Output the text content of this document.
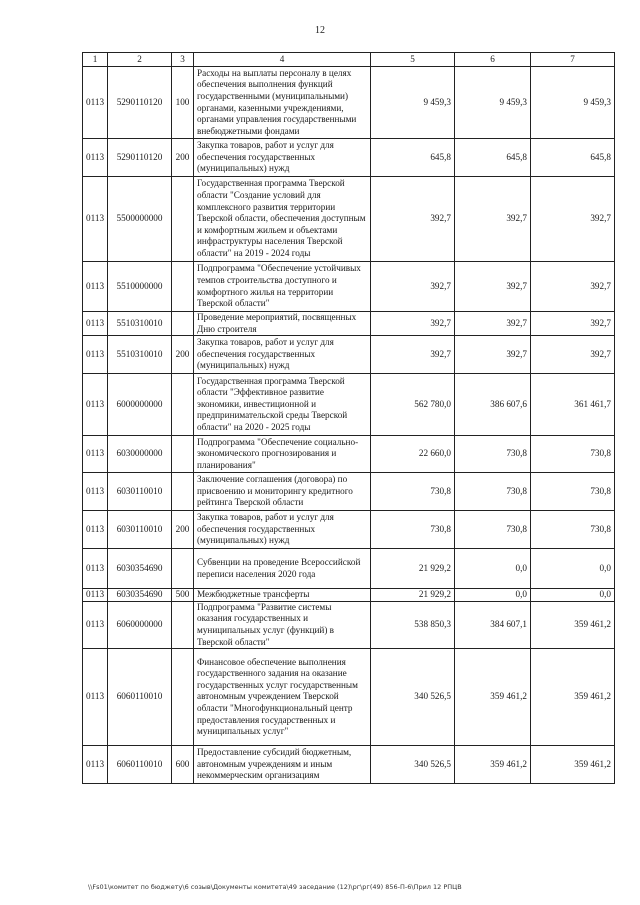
12
1	2	3	4	5	6	7
0113	5290110120	100	Расходы на выплаты персоналу в целях обеспечения выполнения функций государственными (муниципальными) органами, казенными учреждениями, органами управления государственными внебюджетными фондами	9 459,3	9 459,3	9 459,3
0113	5290110120	200	Закупка товаров, работ и услуг для обеспечения государственных (муниципальных) нужд	645,8	645,8	645,8
0113	5500000000		Государственная программа Тверской области "Создание условий для комплексного развития территории Тверской области, обеспечения доступным и комфортным жильем и объектами инфраструктуры населения Тверской области" на 2019 - 2024 годы	392,7	392,7	392,7
0113	5510000000		Подпрограмма "Обеспечение устойчивых темпов строительства доступного и комфортного жилья на территории Тверской области"	392,7	392,7	392,7
0113	5510310010		Проведение мероприятий, посвященных Дню строителя	392,7	392,7	392,7
0113	5510310010	200	Закупка товаров, работ и услуг для обеспечения государственных (муниципальных) нужд	392,7	392,7	392,7
0113	6000000000		Государственная программа Тверской области "Эффективное развитие экономики, инвестиционной и предпринимательской среды Тверской области" на 2020 - 2025 годы	562 780,0	386 607,6	361 461,7
0113	6030000000		Подпрограмма "Обеспечение социально-экономического прогнозирования и планирования"	22 660,0	730,8	730,8
0113	6030110010		Заключение соглашения (договора) по присвоению и мониторингу кредитного рейтинга Тверской области	730,8	730,8	730,8
0113	6030110010	200	Закупка товаров, работ и услуг для обеспечения государственных (муниципальных) нужд	730,8	730,8	730,8
0113	6030354690		Субвенции на проведение Всероссийской переписи населения 2020 года	21 929,2	0,0	0,0
0113	6030354690	500	Межбюджетные трансферты	21 929,2	0,0	0,0
0113	6060000000		Подпрограмма "Развитие системы оказания государственных и муниципальных услуг (функций) в Тверской области"	538 850,3	384 607,1	359 461,2
0113	6060110010		Финансовое обеспечение выполнения государственного задания на оказание государственных услуг государственным автономным учреждением Тверской области "Многофункциональный центр предоставления государственных и муниципальных услуг"	340 526,5	359 461,2	359 461,2
0113	6060110010	600	Предоставление субсидий бюджетным, автономным учреждениям и иным некоммерческим организациям	340 526,5	359 461,2	359 461,2
\\Fs01\комитет по бюджету\6 созыв\Документы комитета\49 заседание (12)\рг\рг(49) 856-П-6\Прил 12 РПЦВ
